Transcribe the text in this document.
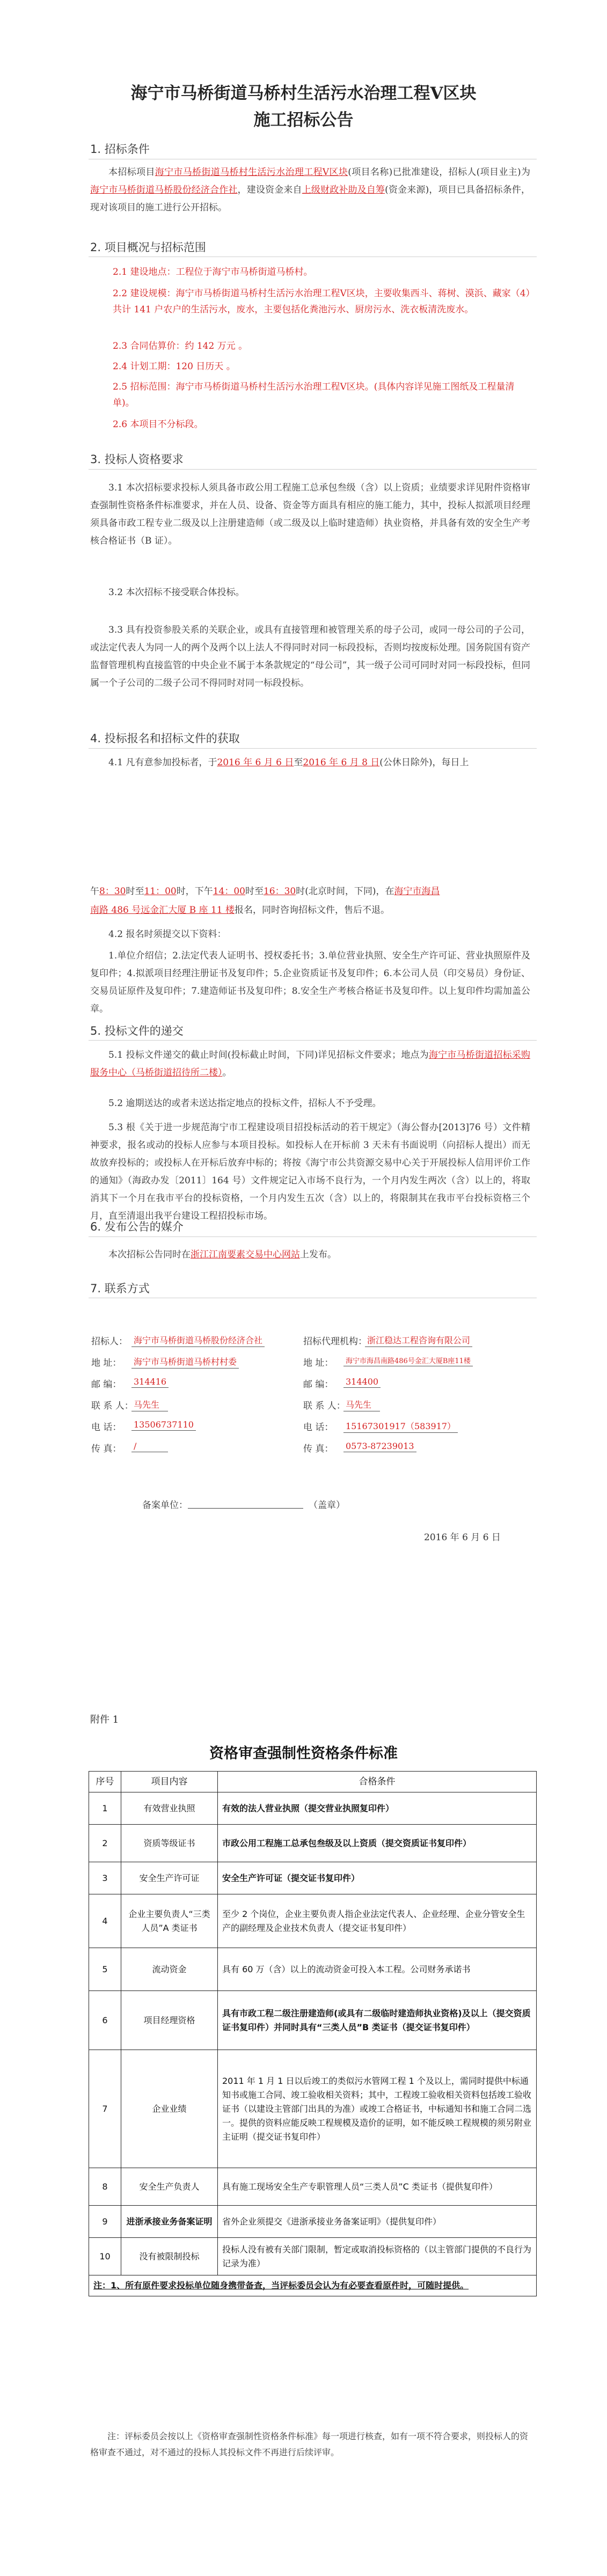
海宁市马桥街道马桥村生活污水治理工程Ⅴ区块
施工招标公告
1. 招标条件
本招标项目海宁市马桥街道马桥村生活污水治理工程Ⅴ区块(项目名称)已批准建设，招标人(项目业主)为海宁市马桥街道马桥股份经济合作社，建设资金来自上级财政补助及自筹(资金来源)，项目已具备招标条件，现对该项目的施工进行公开招标。
2. 项目概况与招标范围
2.1 建设地点：工程位于海宁市马桥街道马桥村。
2.2 建设规模：海宁市马桥街道马桥村生活污水治理工程Ⅴ区块，主要收集西斗、蒋树、漠浜、藏家（4）共计 141 户农户的生活污水，废水，主要包括化粪池污水、厨房污水、洗衣板清洗废水。
2.3 合同估算价：约 142 万元 。
2.4 计划工期：120 日历天 。
2.5 招标范围：海宁市马桥街道马桥村生活污水治理工程Ⅴ区块。(具体内容详见施工图纸及工程量清单)。
2.6 本项目不分标段。
3. 投标人资格要求
3.1 本次招标要求投标人须具备市政公用工程施工总承包叁级（含）以上资质；业绩要求详见附件资格审查强制性资格条件标准要求，并在人员、设备、资金等方面具有相应的施工能力，其中，投标人拟派项目经理须具备市政工程专业二级及以上注册建造师（或二级及以上临时建造师）执业资格，并具备有效的安全生产考核合格证书（B 证）。
3.2 本次招标不接受联合体投标。
3.3 具有投资参股关系的关联企业，或具有直接管理和被管理关系的母子公司，或同一母公司的子公司，或法定代表人为同一人的两个及两个以上法人不得同时对同一标段投标，否则均按废标处理。国务院国有资产监督管理机构直接监管的中央企业不属于本条款规定的“母公司”，其一级子公司可同时对同一标段投标，但同属一个子公司的二级子公司不得同时对同一标段投标。
4. 投标报名和招标文件的获取
4.1 凡有意参加投标者，于2016 年 6 月 6 日至2016 年 6 月 8 日(公休日除外)，每日上
午8：30时至11：00时，下午14：00时至16：30时(北京时间，下同)，在海宁市海昌
南路 486 号远金汇大厦 B 座 11 楼报名，同时咨询招标文件，售后不退。
4.2 报名时须提交以下资料：
1.单位介绍信；2.法定代表人证明书、授权委托书；3.单位营业执照、安全生产许可证、营业执照原件及复印件；4.拟派项目经理注册证书及复印件；5.企业资质证书及复印件；6.本公司人员（印交易员）身份证、交易员证原件及复印件；7.建造师证书及复印件；8.安全生产考核合格证书及复印件。以上复印件均需加盖公章。
5. 投标文件的递交
5.1 投标文件递交的截止时间(投标截止时间，下同)详见招标文件要求；地点为海宁市马桥街道招标采购服务中心（马桥街道招待所二楼）。
5.2 逾期送达的或者未送达指定地点的投标文件，招标人不予受理。
5.3 根《关于进一步规范海宁市工程建设项目招投标活动的若干规定》（海公督办[2013]76 号）文件精神要求，报名或动的投标人应参与本项目投标。如投标人在开标前 3 天未有书面说明（向招标人提出）而无故放弃投标的；或投标人在开标后放弃中标的；将按《海宁市公共资源交易中心关于开展投标人信用评价工作的通知》（海政办发〔2011〕164 号）文件规定记入市场不良行为，一个月内发生两次（含）以上的，将取消其下一个月在我市平台的投标资格，一个月内发生五次（含）以上的，将限制其在我市平台投标资格三个月，直至清退出我平台建设工程招投标市场。
6. 发布公告的媒介
本次招标公告同时在浙江江南要素交易中心网站上发布。
7. 联系方式
招标人： 海宁市马桥街道马桥股份经济合社
地 址： 海宁市马桥街道马桥村村委
邮 编： 314416
联 系 人： 马先生
电 话： 13506737110
传 真： /
招标代理机构： 浙江稳达工程咨询有限公司
地 址：	海宁市海昌南路486号金汇大厦B座11楼
邮 编： 314400
联 系 人： 马先生
电 话： 15167301917（583917）
传 真： 0573-87239013
备案单位：	（盖章）
2016 年 6 月 6 日
附件 1
资格审查强制性资格条件标准
序号	项目内容	合格条件
1	有效营业执照	有效的法人营业执照（提交营业执照复印件）
2	资质等级证书	市政公用工程施工总承包叁级及以上资质（提交资质证书复印件）
3	安全生产许可证	安全生产许可证（提交证书复印件）
4	企业主要负责人“三类人员”A 类证书	至少 2 个岗位，企业主要负责人指企业法定代表人、企业经理、企业分管安全生产的副经理及企业技术负责人（提交证书复印件）
5	流动资金	具有 60 万（含）以上的流动资金可投入本工程。公司财务承诺书
6	项目经理资格	具有市政工程二级注册建造师(或具有二级临时建造师执业资格)及以上（提交资质证书复印件）并同时具有“三类人员”B 类证书（提交证书复印件）
7	企业业绩	2011 年 1 月 1 日以后竣工的类似污水管网工程 1 个及以上，需同时提供中标通知书或施工合同、竣工验收相关资料；其中，工程竣工验收相关资料包括竣工验收证书（以建设主管部门出具的为准）或竣工合格证书，中标通知书和施工合同二选一。提供的资料应能反映工程规模及造价的证明，如不能反映工程规模的须另附业主证明（提交证书复印件）
8	安全生产负责人	具有施工现场安全生产专职管理人员“三类人员”C 类证书（提供复印件）
9	进浙承接业务备案证明	省外企业须提交《进浙承接业务备案证明》（提供复印件）
10	没有被限制投标	投标人没有被有关部门限制，暂定或取消投标资格的（以主管部门提供的不良行为记录为准）
注：1、所有原件要求投标单位随身携带备查，当评标委员会认为有必要查看原件时，可随时提供。		
注：评标委员会按以上《资格审查强制性资格条件标准》每一项进行核查，如有一项不符合要求，则投标人的资格审查不通过，对不通过的投标人其投标文件不再进行后续评审。
